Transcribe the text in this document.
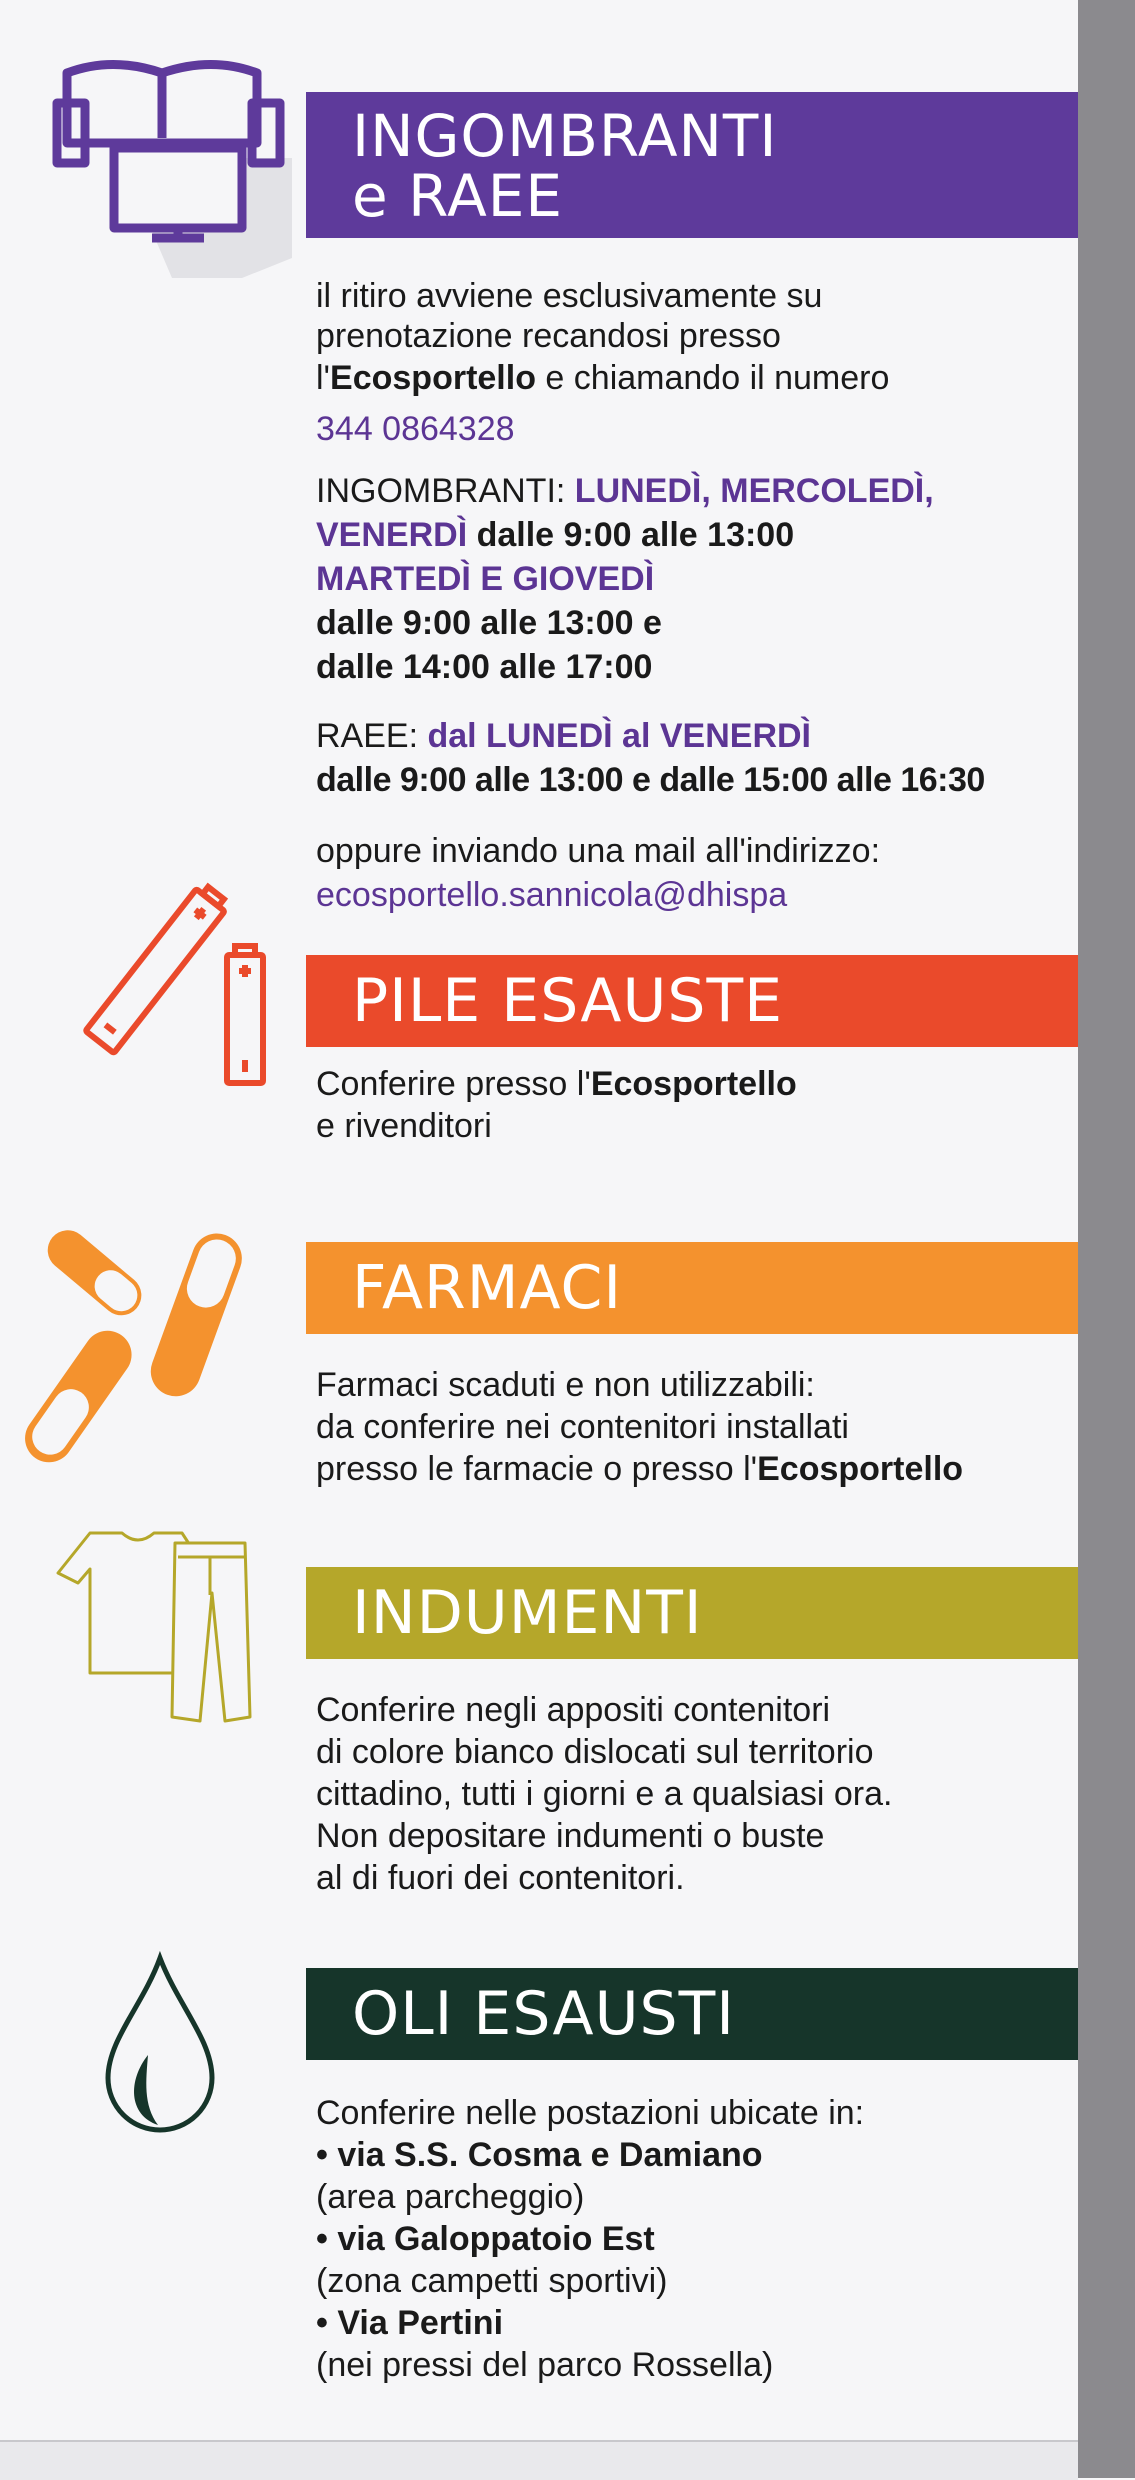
INGOMBRANTI
e RAEE
il ritiro avviene esclusivamente su
prenotazione recandosi presso
l'Ecosportello e chiamando il numero
344 0864328
INGOMBRANTI: LUNEDÌ, MERCOLEDÌ,
VENERDÌ dalle 9:00 alle 13:00
MARTEDÌ E GIOVEDÌ
dalle 9:00 alle 13:00 e
dalle 14:00 alle 17:00
RAEE: dal LUNEDÌ al VENERDÌ
dalle 9:00 alle 13:00 e dalle 15:00 alle 16:30
oppure inviando una mail all'indirizzo:
ecosportello.sannicola@dhispa
PILE ESAUSTE
Conferire presso l'Ecosportello
e rivenditori
FARMACI
Farmaci scaduti e non utilizzabili:
da conferire nei contenitori installati
presso le farmacie o presso l'Ecosportello
INDUMENTI
Conferire negli appositi contenitori
di colore bianco dislocati sul territorio
cittadino, tutti i giorni e a qualsiasi ora.
Non depositare indumenti o buste
al di fuori dei contenitori.
OLI ESAUSTI
Conferire nelle postazioni ubicate in:
• via S.S. Cosma e Damiano
(area parcheggio)
• via Galoppatoio Est
(zona campetti sportivi)
• Via Pertini
(nei pressi del parco Rossella)
